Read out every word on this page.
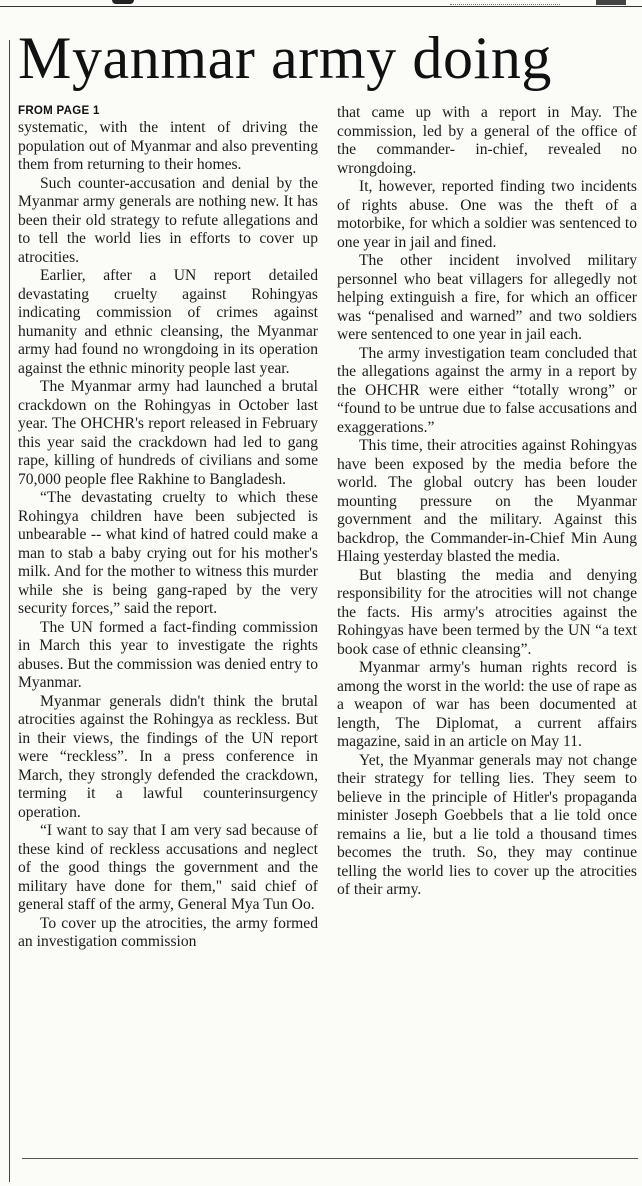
Myanmar army doing
FROM PAGE 1

systematic, with the intent of driving the population out of Myanmar and also preventing them from returning to their homes.

Such counter-accusation and denial by the Myanmar army generals are nothing new. It has been their old strategy to refute allegations and to tell the world lies in efforts to cover up atrocities.

Earlier, after a UN report detailed devastating cruelty against Rohingyas indicating commission of crimes against humanity and ethnic cleansing, the Myanmar army had found no wrongdoing in its operation against the ethnic minority people last year.

The Myanmar army had launched a brutal crackdown on the Rohingyas in October last year. The OHCHR's report released in February this year said the crackdown had led to gang rape, killing of hundreds of civilians and some 70,000 people flee Rakhine to Bangladesh.

“The devastating cruelty to which these Rohingya children have been subjected is unbearable -- what kind of hatred could make a man to stab a baby crying out for his mother's milk. And for the mother to witness this murder while she is being gang-raped by the very security forces,” said the report.

The UN formed a fact-finding commission in March this year to investigate the rights abuses. But the commission was denied entry to Myanmar.

Myanmar generals didn't think the brutal atrocities against the Rohingya as reckless. But in their views, the findings of the UN report were “reckless”. In a press conference in March, they strongly defended the crackdown, terming it a lawful counterinsurgency operation.

“I want to say that I am very sad because of these kind of reckless accusations and neglect of the good things the government and the military have done for them," said chief of general staff of the army, General Mya Tun Oo.

To cover up the atrocities, the army formed an investigation commission

that came up with a report in May. The commission, led by a general of the office of the commander- in-chief, revealed no wrongdoing.

It, however, reported finding two incidents of rights abuse. One was the theft of a motorbike, for which a soldier was sentenced to one year in jail and fined.

The other incident involved military personnel who beat villagers for allegedly not helping extinguish a fire, for which an officer was “penalised and warned” and two soldiers were sentenced to one year in jail each.

The army investigation team concluded that the allegations against the army in a report by the OHCHR were either “totally wrong” or “found to be untrue due to false accusations and exaggerations.”

This time, their atrocities against Rohingyas have been exposed by the media before the world. The global outcry has been louder mounting pressure on the Myanmar government and the military. Against this backdrop, the Commander-in-Chief Min Aung Hlaing yesterday blasted the media.

But blasting the media and denying responsibility for the atrocities will not change the facts. His army's atrocities against the Rohingyas have been termed by the UN “a text book case of ethnic cleansing”.

Myanmar army's human rights record is among the worst in the world: the use of rape as a weapon of war has been documented at length, The Diplomat, a current affairs magazine, said in an article on May 11.

Yet, the Myanmar generals may not change their strategy for telling lies. They seem to believe in the principle of Hitler's propaganda minister Joseph Goebbels that a lie told once remains a lie, but a lie told a thousand times becomes the truth. So, they may continue telling the world lies to cover up the atrocities of their army.
